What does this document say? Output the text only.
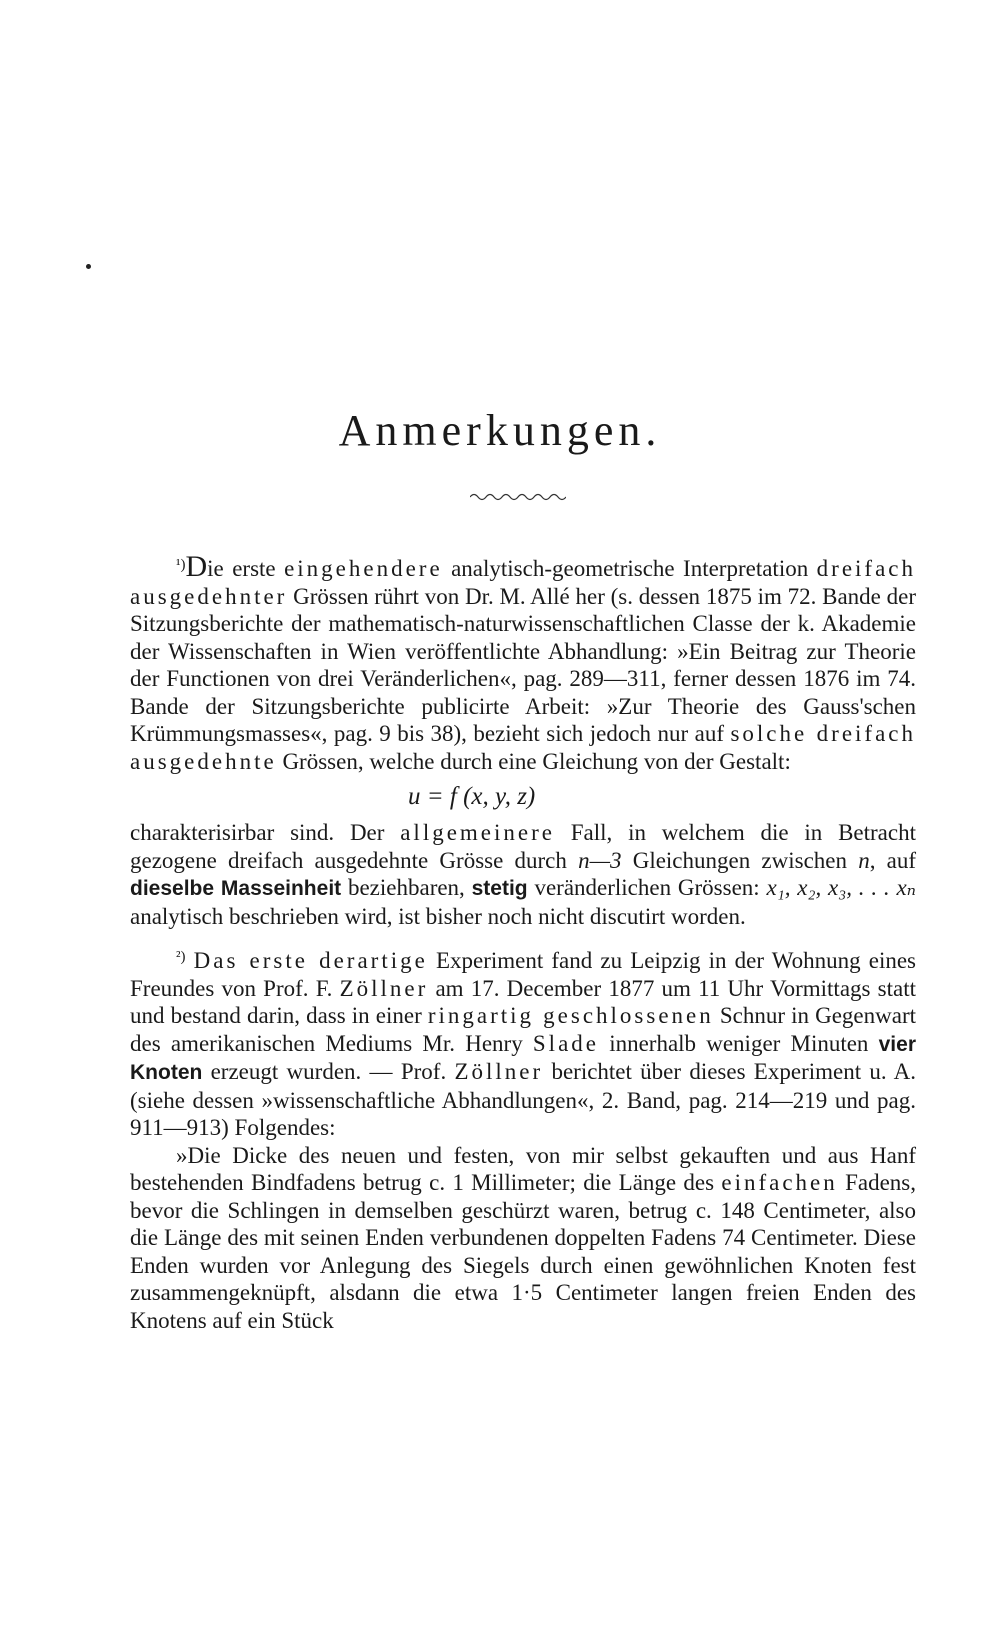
Anmerkungen.

$^{^1)}$Die erste eingehendere analytisch-geometrische Interpretation dreifach ausgedehnter Grössen rührt von Dr. M. Allé her (s. dessen 1875 im 72. Bande der Sitzungsberichte der mathematisch-naturwissenschaftlichen Classe der k. Akademie der Wissenschaften in Wien veröffentlichte Abhandlung: »Ein Beitrag zur Theorie der Functionen von drei Veränderlichen«, pag. 289—311, ferner dessen 1876 im 74. Bande der Sitzungsberichte publicirte Arbeit: »Zur Theorie des Gauss'schen Krümmungsmasses«, pag. 9 bis 38), bezieht sich jedoch nur auf solche dreifach ausgedehnte Grössen, welche durch eine Gleichung von der Gestalt:

u = f (x, y, z)

charakterisirbar sind. Der allgemeinere Fall, in welchem die in Betracht gezogene dreifach ausgedehnte Grösse durch n—3 Gleichungen zwischen n, auf dieselbe Masseinheit beziehbaren, stetig veränderlichen Grössen: x₁, x₂, x₃, . . . xₙ analytisch beschrieben wird, ist bisher noch nicht discutirt worden.

$^{^2)}$ Das erste derartige Experiment fand zu Leipzig in der Wohnung eines Freundes von Prof. F. Zöllner am 17. December 1877 um 11 Uhr Vormittags statt und bestand darin, dass in einer ringartig geschlossenen Schnur in Gegenwart des amerikanischen Mediums Mr. Henry Slade innerhalb weniger Minuten vier Knoten erzeugt wurden. — Prof. Zöllner berichtet über dieses Experiment u. A. (siehe dessen »wissenschaftliche Abhandlungen«, 2. Band, pag. 214—219 und pag. 911—913) Folgendes:

»Die Dicke des neuen und festen, von mir selbst gekauften und aus Hanf bestehenden Bindfadens betrug c. 1 Millimeter; die Länge des einfachen Fadens, bevor die Schlingen in demselben geschürzt waren, betrug c. 148 Centimeter, also die Länge des mit seinen Enden verbundenen doppelten Fadens 74 Centimeter. Diese Enden wurden vor Anlegung des Siegels durch einen gewöhnlichen Knoten fest zusammengeknüpft, alsdann die etwa 1·5 Centimeter langen freien Enden des Knotens auf ein Stück
